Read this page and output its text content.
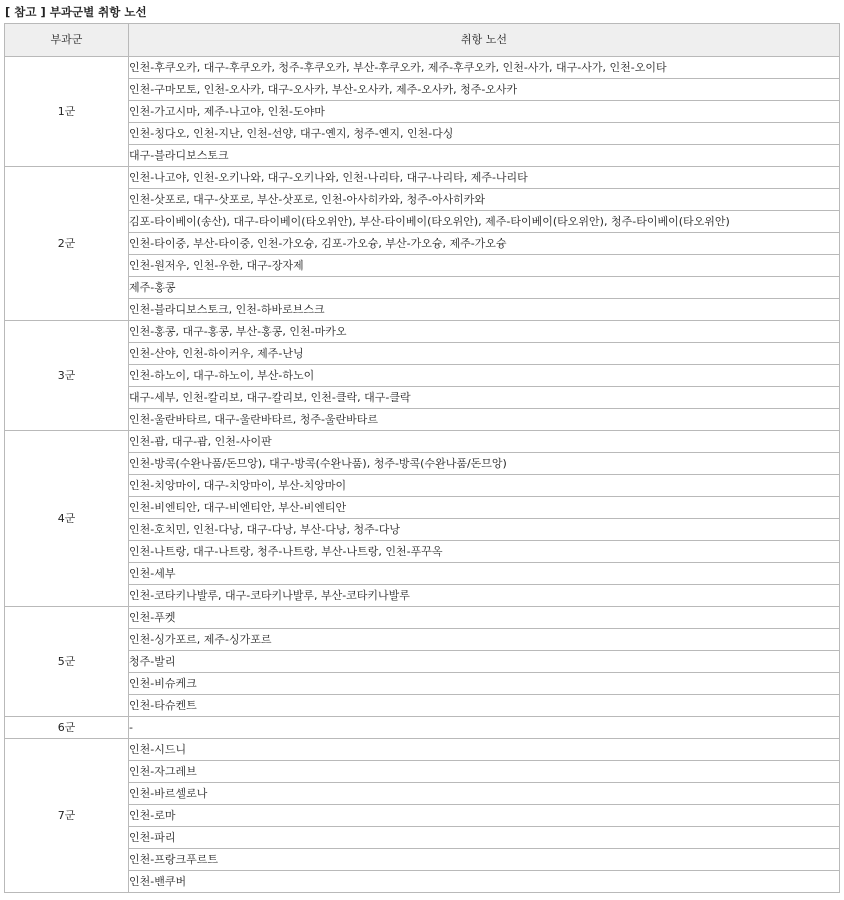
[ 참고 ] 부과군별 취항 노선
부과군	취항 노선
1군	인천-후쿠오카, 대구-후쿠오카, 청주-후쿠오카, 부산-후쿠오카, 제주-후쿠오카, 인천-사가, 대구-사가, 인천-오이타
	인천-구마모토, 인천-오사카, 대구-오사카, 부산-오사카, 제주-오사카, 청주-오사카
	인천-가고시마, 제주-나고야, 인천-도야마
	인천-칭다오, 인천-지난, 인천-선양, 대구-옌지, 청주-옌지, 인천-다싱
	대구-블라디보스토크
2군	인천-나고야, 인천-오키나와, 대구-오키나와, 인천-나리타, 대구-나리타, 제주-나리타
	인천-삿포로, 대구-삿포로, 부산-삿포로, 인천-아사히카와, 청주-아사히카와
	김포-타이베이(송산), 대구-타이베이(타오위안), 부산-타이베이(타오위안), 제주-타이베이(타오위안), 청주-타이베이(타오위안)
	인천-타이중, 부산-타이중, 인천-가오슝, 김포-가오슝, 부산-가오슝, 제주-가오슝
	인천-원저우, 인천-우한, 대구-장자제
	제주-홍콩
	인천-블라디보스토크, 인천-하바로브스크
3군	인천-홍콩, 대구-홍콩, 부산-홍콩, 인천-마카오
	인천-산야, 인천-하이커우, 제주-난닝
	인천-하노이, 대구-하노이, 부산-하노이
	대구-세부, 인천-칼리보, 대구-칼리보, 인천-클락, 대구-클락
	인천-울란바타르, 대구-울란바타르, 청주-울란바타르
4군	인천-괌, 대구-괌, 인천-사이판
	인천-방콕(수완나품/돈므앙), 대구-방콕(수완나품), 청주-방콕(수완나품/돈므앙)
	인천-치앙마이, 대구-치앙마이, 부산-치앙마이
	인천-비엔티안, 대구-비엔티안, 부산-비엔티안
	인천-호치민, 인천-다낭, 대구-다낭, 부산-다낭, 청주-다낭
	인천-나트랑, 대구-나트랑, 청주-나트랑, 부산-나트랑, 인천-푸꾸옥
	인천-세부
	인천-코타키나발루, 대구-코타키나발루, 부산-코타키나발루
5군	인천-푸켓
	인천-싱가포르, 제주-싱가포르
	청주-발리
	인천-비슈케크
	인천-타슈켄트
6군	-
7군	인천-시드니
	인천-자그레브
	인천-바르셀로나
	인천-로마
	인천-파리
	인천-프랑크푸르트
	인천-밴쿠버
